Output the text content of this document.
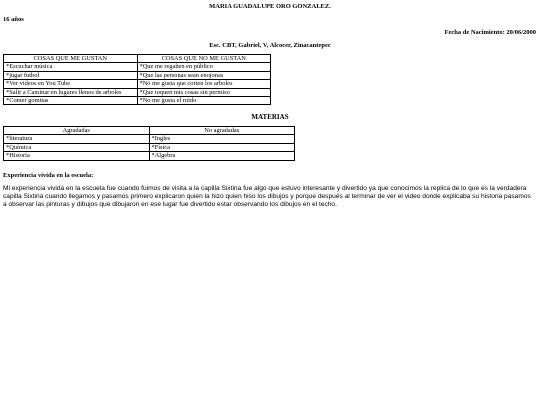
MARIA GUADALUPE ORO GONZALEZ.
16 años
Fecha de Nacimiento: 20/06/2000
Esc. CBT, Gabriel, V, Alcocer, Zinacantepec
COSAS QUE ME GUSTAN	COSAS QUE NO ME GUSTAN
*Escuchar música	*Que me regañen en público
*jugar futbol	*Que las personas sean enojonas
*Ver videos en You Tube	*No me gusta que corten los arboles
*Salir a Caminar en lugares llenos de arboles	*Que toquen mis cosas sin permiso
*Comer gomitas	*No me gusta el ruido
MATERIAS
Agradadas	No agradadas
*literatura	*Ingles
*Química	*Física
*Historia	*Algebra
Experiencia vivida en la escuela:
Mi experiencia vivida en la escuela fue cuando fuimos de visita a la capilla Sixtina fue algo que estuvo interesante y divertido ya que conocimos la replica de lo que es la verdadera capilla Sixtina cuando llegamos y pasamos primero explicaron quien la hizo quien hiso los dibujos y porque después al terminar de ver el video donde explicaba su historia pasamos a observar las pinturas y dibujos que dibujaron en ese lugar fue divertido estar observando los dibujos en el techo.
